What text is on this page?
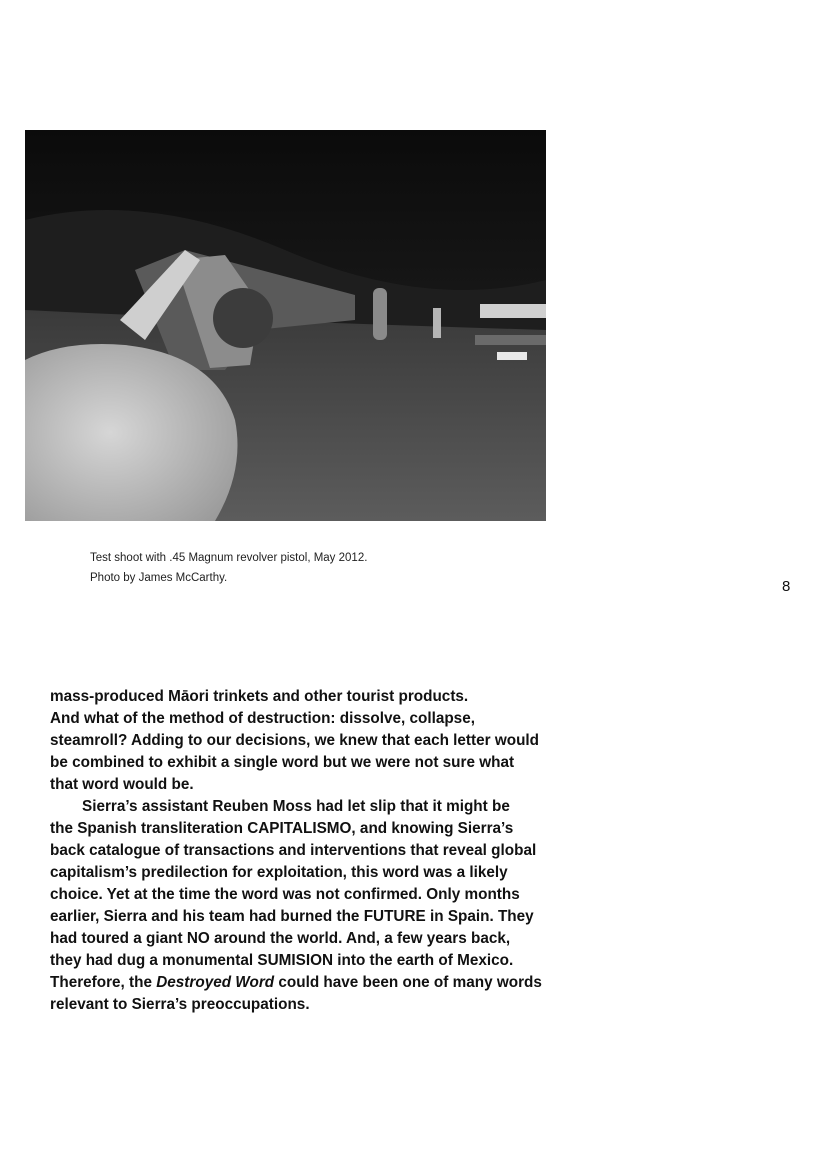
Test shoot with .45 Magnum revolver pistol, May 2012.
Photo by James McCarthy.	8

mass-produced Māori trinkets and other tourist products.
And what of the method of destruction: dissolve, collapse,
steamroll? Adding to our decisions, we knew that each letter would
be combined to exhibit a single word but we were not sure what
that word would be.

Sierra’s assistant Reuben Moss had let slip that it might be
the Spanish transliteration CAPITALISMO, and knowing Sierra’s
back catalogue of transactions and interventions that reveal global
capitalism’s predilection for exploitation, this word was a likely
choice. Yet at the time the word was not confirmed. Only months
earlier, Sierra and his team had burned the FUTURE in Spain. They
had toured a giant NO around the world. And, a few years back,
they had dug a monumental SUMISION into the earth of Mexico.
Therefore, the Destroyed Word could have been one of many words
relevant to Sierra’s preoccupations.
